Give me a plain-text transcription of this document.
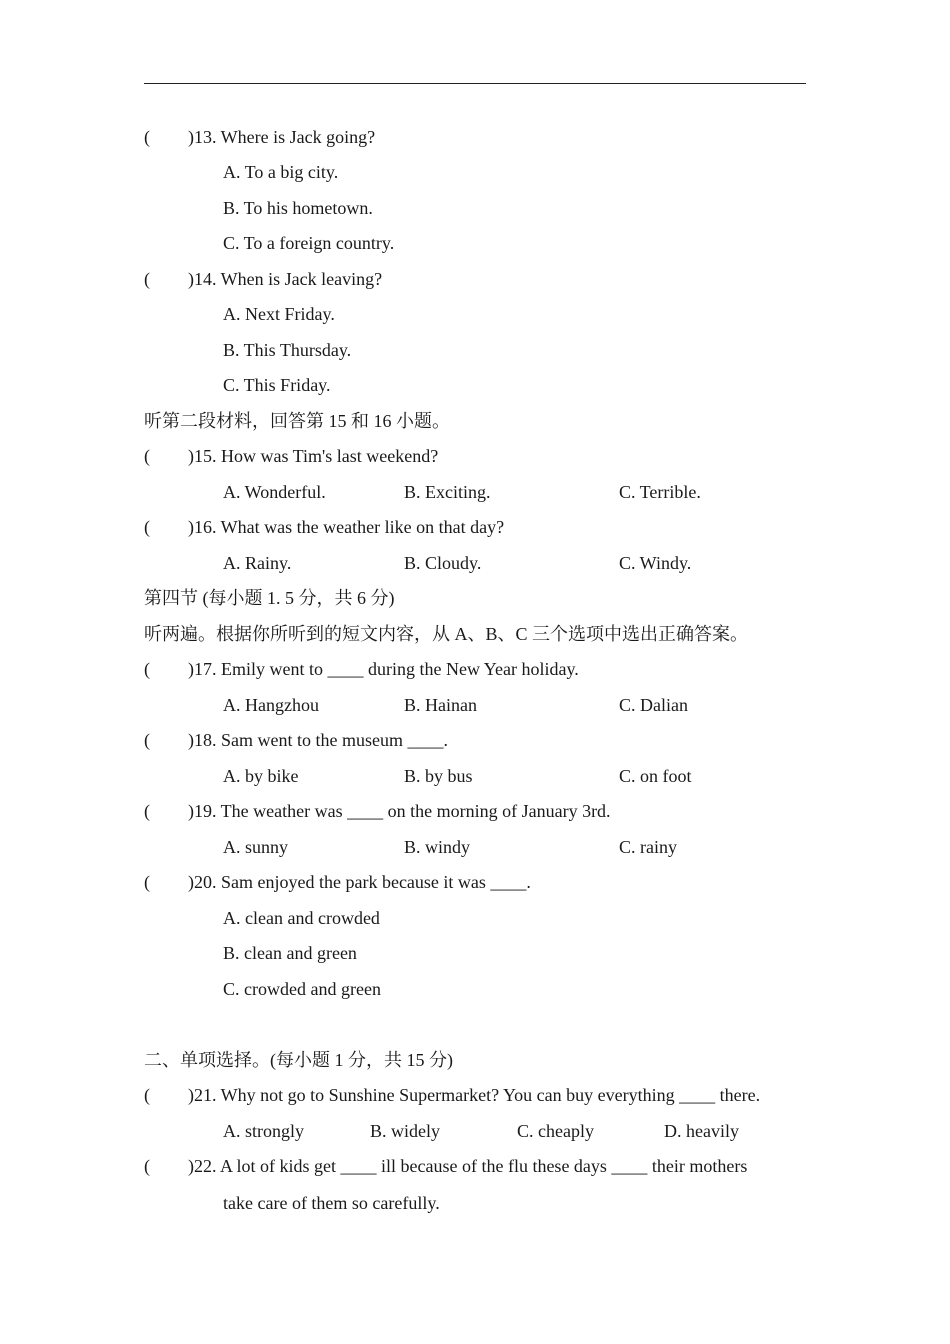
( )13. Where is Jack going?
A. To a big city.
B. To his hometown.
C. To a foreign country.
( )14. When is Jack leaving?
A. Next Friday.
B. This Thursday.
C. This Friday.
听第二段材料，回答第 15 和 16 小题。
( )15. How was Tim's last weekend?
A. Wonderful.	B. Exciting.	C. Terrible.
( )16. What was the weather like on that day?
A. Rainy.	B. Cloudy.	C. Windy.
第四节 (每小题 1. 5 分，共 6 分)
听两遍。根据你所听到的短文内容，从 A、B、C 三个选项中选出正确答案。
( )17. Emily went to ____ during the New Year holiday.
A. Hangzhou	B. Hainan	C. Dalian
( )18. Sam went to the museum ____.
A. by bike	B. by bus	C. on foot
( )19. The weather was ____ on the morning of January 3rd.
A. sunny	B. windy	C. rainy
( )20. Sam enjoyed the park because it was ____.
A. clean and crowded
B. clean and green
C. crowded and green
二、单项选择。(每小题 1 分，共 15 分)
( )21. Why not go to Sunshine Supermarket? You can buy everything ____ there.
A. strongly	B. widely	C. cheaply	D. heavily
( )22. A lot of kids get ____ ill because of the flu these days ____ their mothers
take care of them so carefully.
